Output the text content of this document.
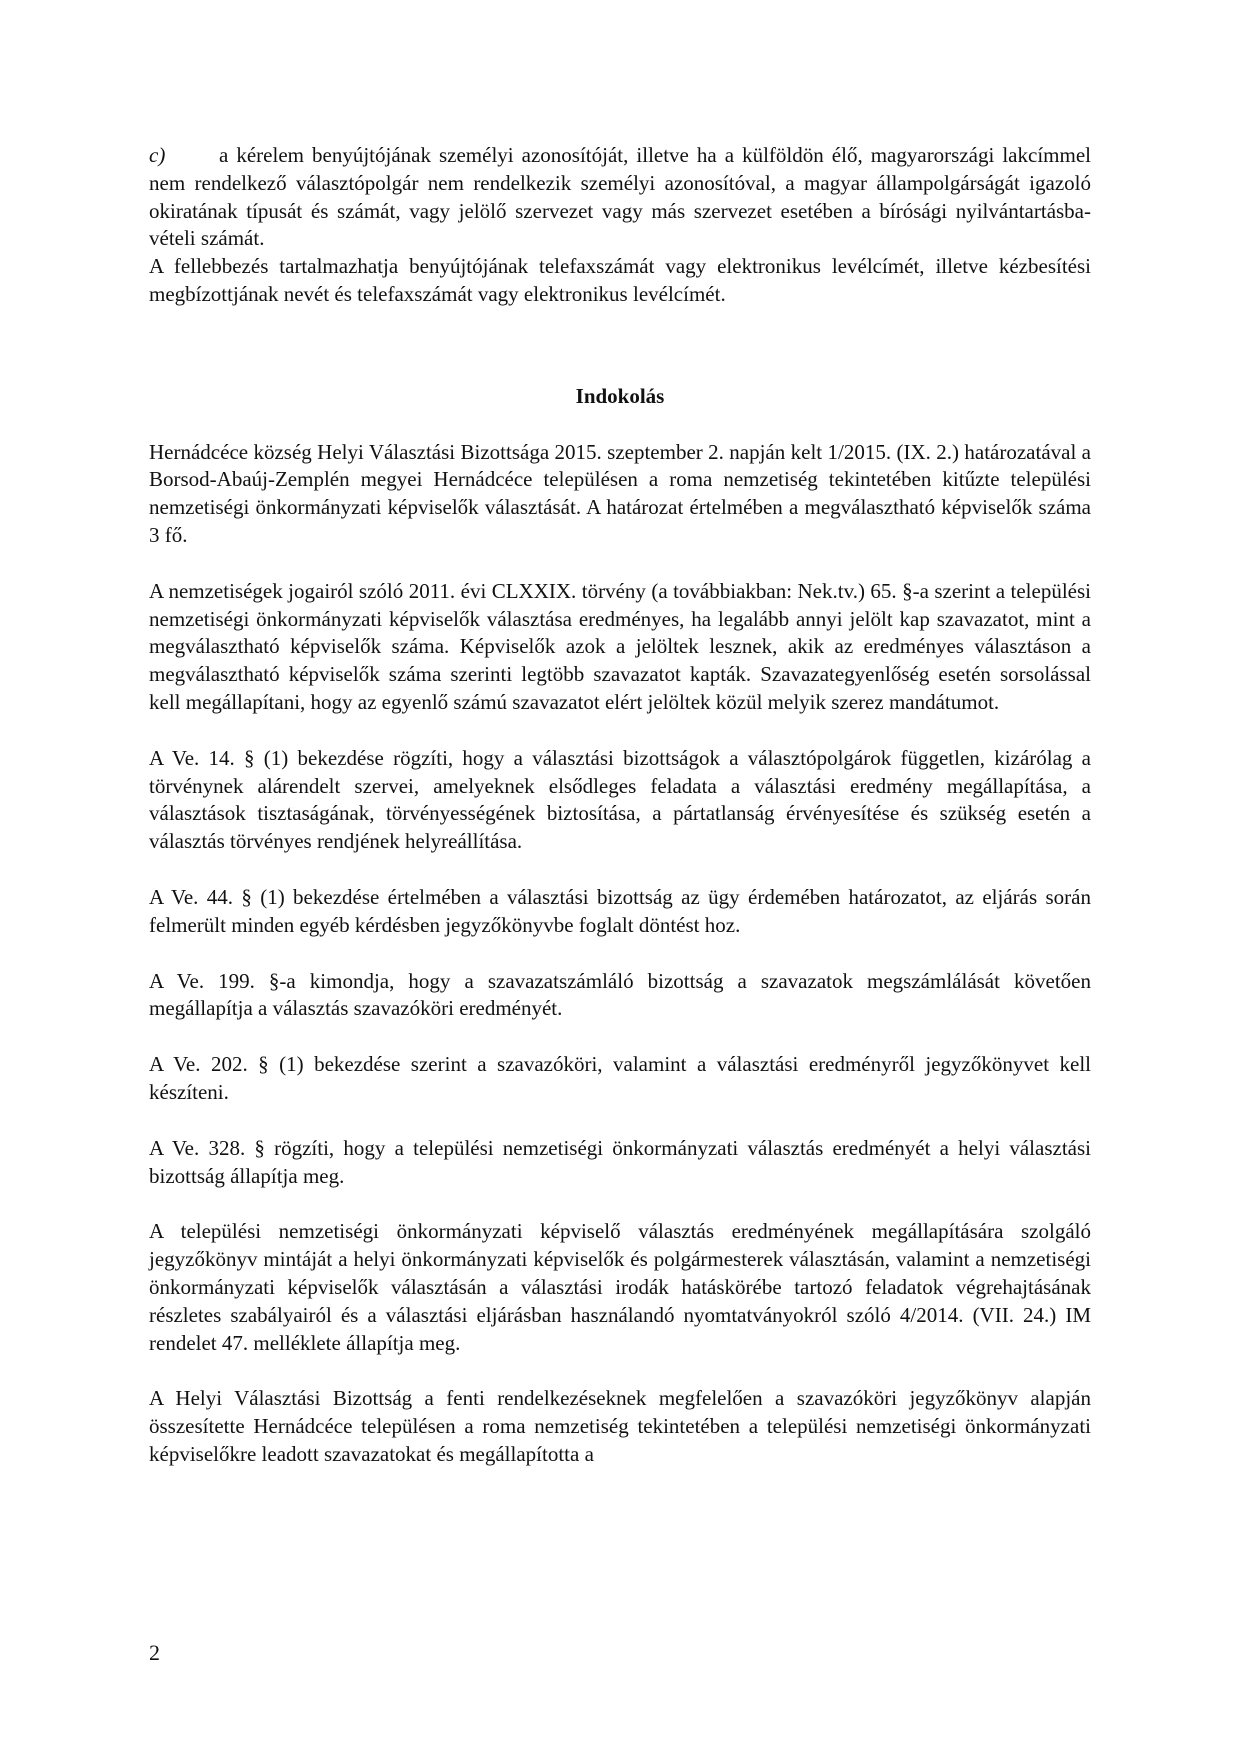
c)	a kérelem benyújtójának személyi azonosítóját, illetve ha a külföldön élő, magyarországi lakcímmel nem rendelkező választópolgár nem rendelkezik személyi azonosítóval, a magyar állampolgárságát igazoló okiratának típusát és számát, vagy jelölő szervezet vagy más szervezet esetében a bírósági nyilvántartásba-vételi számát.

A fellebbezés tartalmazhatja benyújtójának telefaxszámát vagy elektronikus levélcímét, illetve kézbesítési megbízottjának nevét és telefaxszámát vagy elektronikus levélcímét.

Indokolás

Hernádcéce község Helyi Választási Bizottsága 2015. szeptember 2. napján kelt 1/2015. (IX. 2.) határozatával a Borsod-Abaúj-Zemplén megyei Hernádcéce településen a roma nemzetiség tekintetében kitűzte települési nemzetiségi önkormányzati képviselők választását. A határozat értelmében a megválasztható képviselők száma 3 fő.

A nemzetiségek jogairól szóló 2011. évi CLXXIX. törvény (a továbbiakban: Nek.tv.) 65. §-a szerint a települési nemzetiségi önkormányzati képviselők választása eredményes, ha legalább annyi jelölt kap szavazatot, mint a megválasztható képviselők száma. Képviselők azok a jelöltek lesznek, akik az eredményes választáson a megválasztható képviselők száma szerinti legtöbb szavazatot kapták. Szavazategyenlőség esetén sorsolással kell megállapítani, hogy az egyenlő számú szavazatot elért jelöltek közül melyik szerez mandátumot.

A Ve. 14. § (1) bekezdése rögzíti, hogy a választási bizottságok a választópolgárok független, kizárólag a törvénynek alárendelt szervei, amelyeknek elsődleges feladata a választási eredmény megállapítása, a választások tisztaságának, törvényességének biztosítása, a pártatlanság érvényesítése és szükség esetén a választás törvényes rendjének helyreállítása.

A Ve. 44. § (1) bekezdése értelmében a választási bizottság az ügy érdemében határozatot, az eljárás során felmerült minden egyéb kérdésben jegyzőkönyvbe foglalt döntést hoz.

A Ve. 199. §-a kimondja, hogy a szavazatszámláló bizottság a szavazatok megszámlálását követően megállapítja a választás szavazóköri eredményét.

A Ve. 202. § (1) bekezdése szerint a szavazóköri, valamint a választási eredményről jegyzőkönyvet kell készíteni.

A Ve. 328. § rögzíti, hogy a települési nemzetiségi önkormányzati választás eredményét a helyi választási bizottság állapítja meg.

A települési nemzetiségi önkormányzati képviselő választás eredményének megállapítására szolgáló jegyzőkönyv mintáját a helyi önkormányzati képviselők és polgármesterek választásán, valamint a nemzetiségi önkormányzati képviselők választásán a választási irodák hatáskörébe tartozó feladatok végrehajtásának részletes szabályairól és a választási eljárásban használandó nyomtatványokról szóló 4/2014. (VII. 24.) IM rendelet 47. melléklete állapítja meg.

A Helyi Választási Bizottság a fenti rendelkezéseknek megfelelően a szavazóköri jegyzőkönyv alapján összesítette Hernádcéce településen a roma nemzetiség tekintetében a települési nemzetiségi önkormányzati képviselőkre leadott szavazatokat és megállapította a

2
